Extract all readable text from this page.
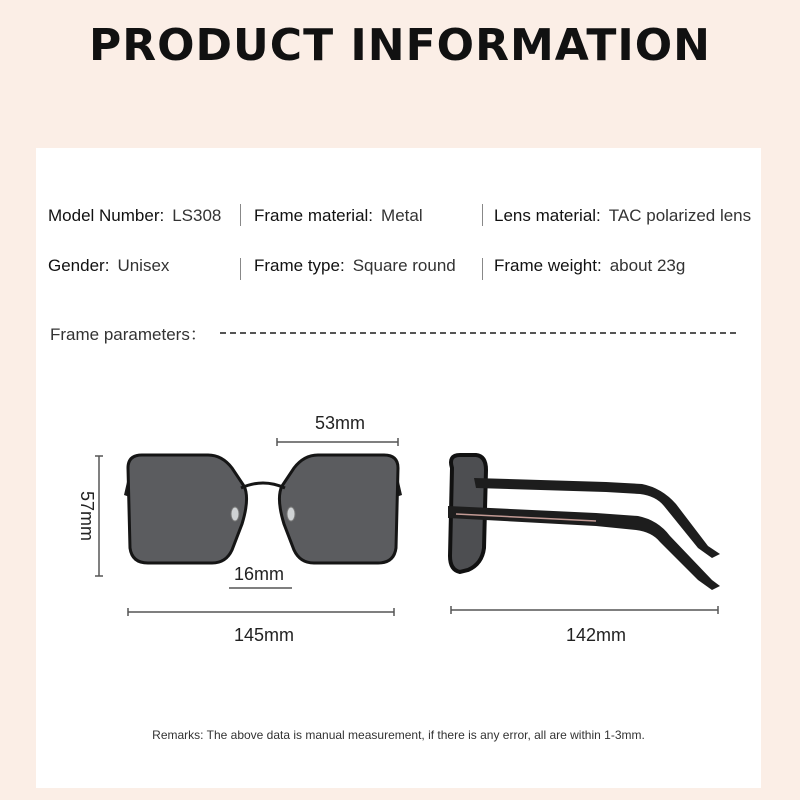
PRODUCT INFORMATION
Model Number: LS308 Frame material: Metal	Lens material: TAC polarized lens
Gender: Unisex	Frame type: Square round Frame weight: about 23g
Frame parameters：
53mm
57mm
16mm
145mm	142mm
Remarks: The above data is manual measurement, if there is any error, all are within 1-3mm.
